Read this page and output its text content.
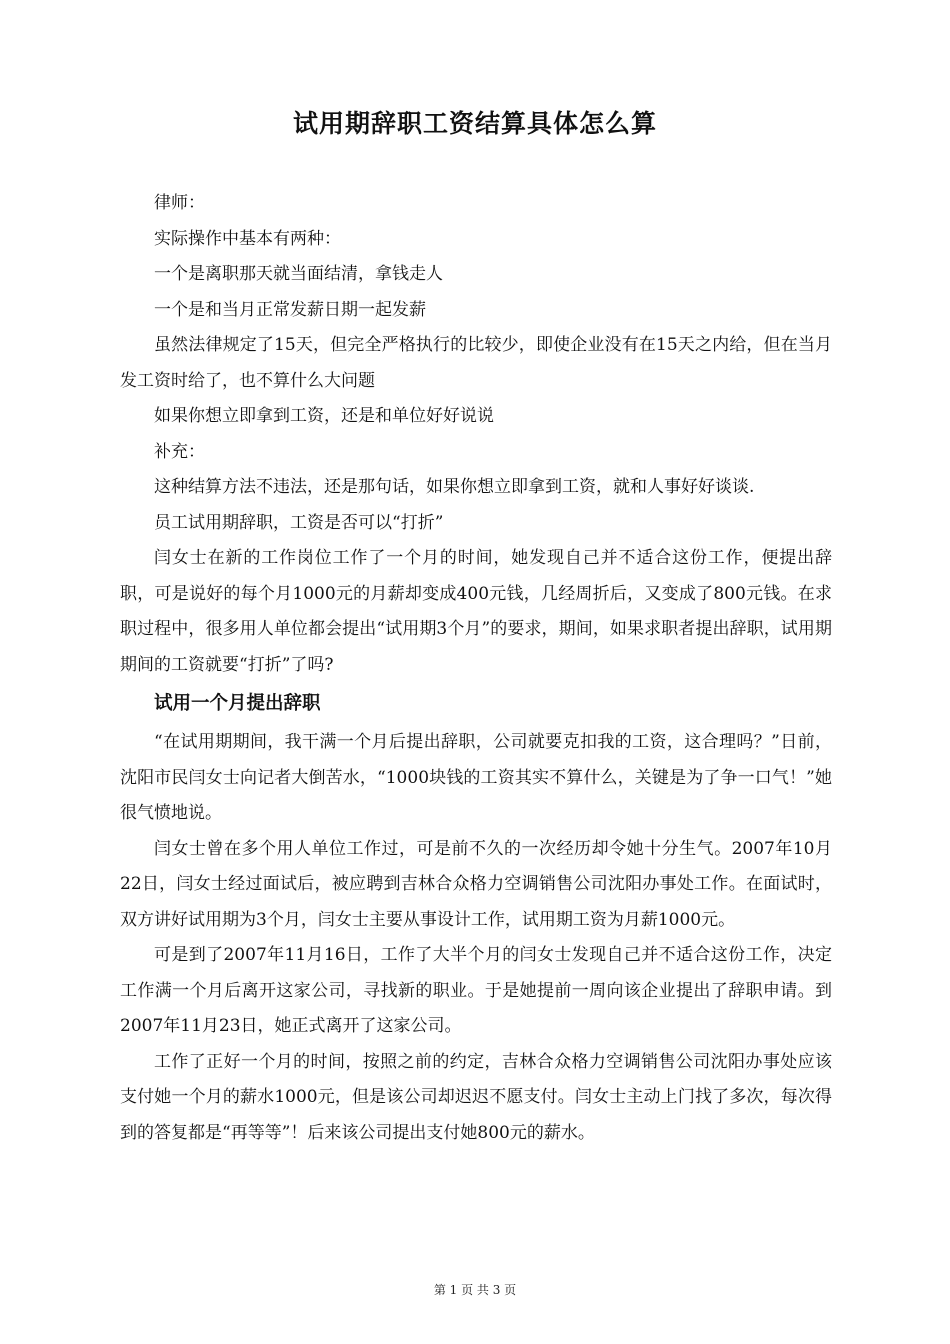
试用期辞职工资结算具体怎么算

律师：

实际操作中基本有两种：

一个是离职那天就当面结清，拿钱走人

一个是和当月正常发薪日期一起发薪

虽然法律规定了15天，但完全严格执行的比较少，即使企业没有在15天之内给，但在当月发工资时给了，也不算什么大问题

如果你想立即拿到工资，还是和单位好好说说

补充：

这种结算方法不违法，还是那句话，如果你想立即拿到工资，就和人事好好谈谈.

员工试用期辞职，工资是否可以“打折”

闫女士在新的工作岗位工作了一个月的时间，她发现自己并不适合这份工作，便提出辞职，可是说好的每个月1000元的月薪却变成400元钱，几经周折后，又变成了800元钱。在求职过程中，很多用人单位都会提出“试用期3个月”的要求，期间，如果求职者提出辞职，试用期期间的工资就要“打折”了吗?

试用一个月提出辞职

“在试用期期间，我干满一个月后提出辞职，公司就要克扣我的工资，这合理吗？”日前，沈阳市民闫女士向记者大倒苦水，“1000块钱的工资其实不算什么，关键是为了争一口气！”她很气愤地说。

闫女士曾在多个用人单位工作过，可是前不久的一次经历却令她十分生气。2007年10月22日，闫女士经过面试后，被应聘到吉林合众格力空调销售公司沈阳办事处工作。在面试时，双方讲好试用期为3个月，闫女士主要从事设计工作，试用期工资为月薪1000元。

可是到了2007年11月16日，工作了大半个月的闫女士发现自己并不适合这份工作，决定工作满一个月后离开这家公司，寻找新的职业。于是她提前一周向该企业提出了辞职申请。到2007年11月23日，她正式离开了这家公司。

工作了正好一个月的时间，按照之前的约定，吉林合众格力空调销售公司沈阳办事处应该支付她一个月的薪水1000元，但是该公司却迟迟不愿支付。闫女士主动上门找了多次，每次得到的答复都是“再等等”！后来该公司提出支付她800元的薪水。

第 1 页 共 3 页
